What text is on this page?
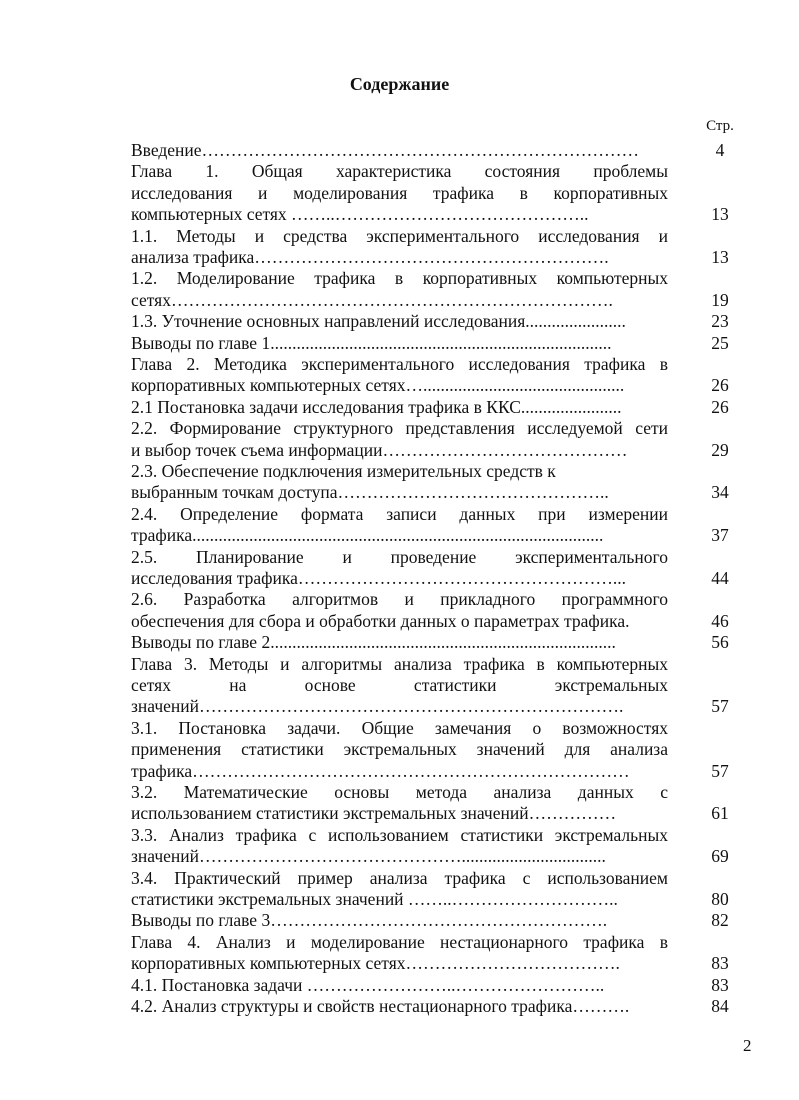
Содержание
Стр.
Введение…………………………………………………………………	4
Глава 1. Общая характеристика состояния проблемы
исследования и моделирования трафика в корпоративных
компьютерных сетях ……..……………………………………..	13
1.1. Методы и средства экспериментального исследования и
анализа трафика…………………………………………………….	13
1.2. Моделирование трафика в корпоративных компьютерных
сетях………………………………………………………………….	19
1.3. Уточнение основных направлений исследования.......................	23
Выводы по главе 1..............................................................................	25
Глава 2. Методика экспериментального исследования трафика в
корпоративных компьютерных сетях…..............................................	26
2.1 Постановка задачи исследования трафика в ККС.......................	26
2.2. Формирование структурного представления исследуемой сети
и выбор точек съема информации……………………………………	29
2.3. Обеспечение подключения измерительных средств к
выбранным точкам доступа………………………………………..	34
2.4. Определение формата записи данных при измерении
трафика..............................................................................................	37
2.5. Планирование и проведение экспериментального
исследования трафика………………………………………………...	44
2.6. Разработка алгоритмов и прикладного программного
обеспечения для сбора и обработки данных о параметрах трафика.	46
Выводы по главе 2...............................................................................	56
Глава 3. Методы и алгоритмы анализа трафика в компьютерных
сетях на основе статистики экстремальных
значений……………………………………………………………….	57
3.1. Постановка задачи. Общие замечания о возможностях
применения статистики экстремальных значений для анализа
трафика…………………………………………………………………	57
3.2. Математические основы метода анализа данных с
использованием статистики экстремальных значений……………	61
3.3. Анализ трафика с использованием статистики экстремальных
значений……………………………………….................................	69
3.4. Практический пример анализа трафика с использованием
статистики экстремальных значений ……..………………………..	80
Выводы по главе 3………………………………………………….	82
Глава 4. Анализ и моделирование нестационарного трафика в
корпоративных компьютерных сетях……………………………….	83
4.1. Постановка задачи ……………………..……………………..	83
4.2. Анализ структуры и свойств нестационарного трафика……….	84
2
